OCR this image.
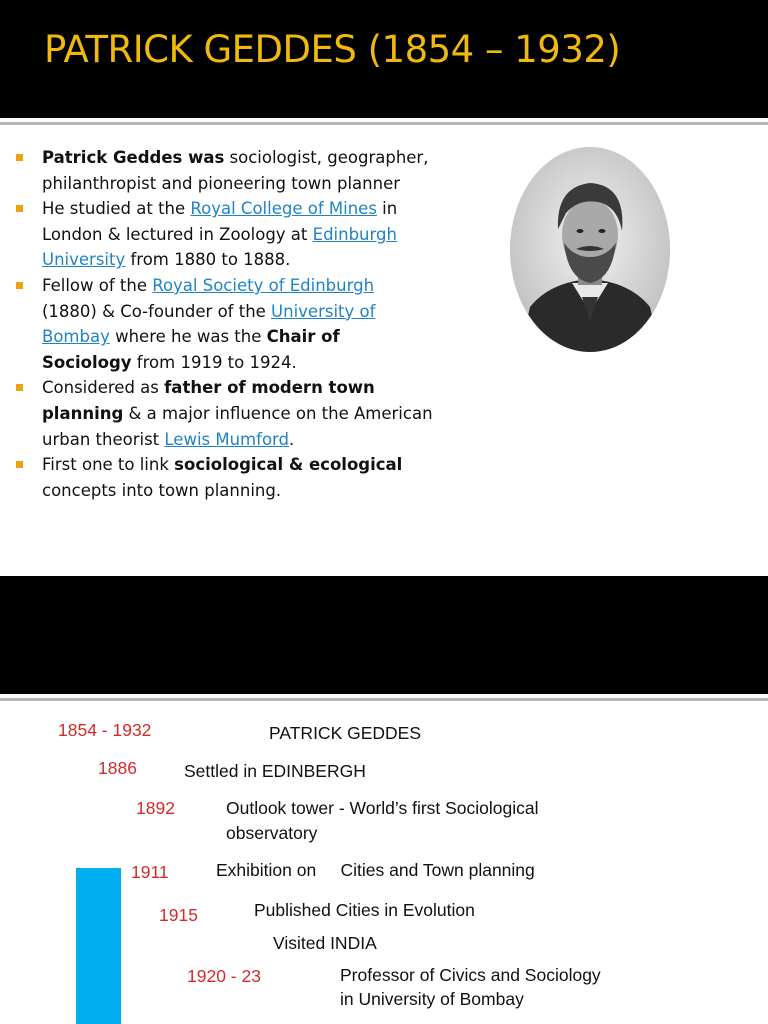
PATRICK GEDDES (1854 – 1932)
Patrick Geddes was sociologist, geographer, philanthropist and pioneering town planner
He studied at the Royal College of Mines in London & lectured in Zoology at Edinburgh University from 1880 to 1888.
Fellow of the Royal Society of Edinburgh (1880) & Co-founder of the University of Bombay where he was the Chair of Sociology from 1919 to 1924.
Considered as father of modern town planning & a major influence on the American urban theorist Lewis Mumford.
First one to link sociological & ecological concepts into town planning.
1854 - 1932	PATRICK GEDDES
1886	Settled in EDINBERGH
1892	Outlook tower - World’s first Sociological
observatory
1911	Exhibition on     Cities and Town planning
1915	Published Cities in Evolution
Visited INDIA
1920 - 23	Professor of Civics and Sociology
in University of Bombay
